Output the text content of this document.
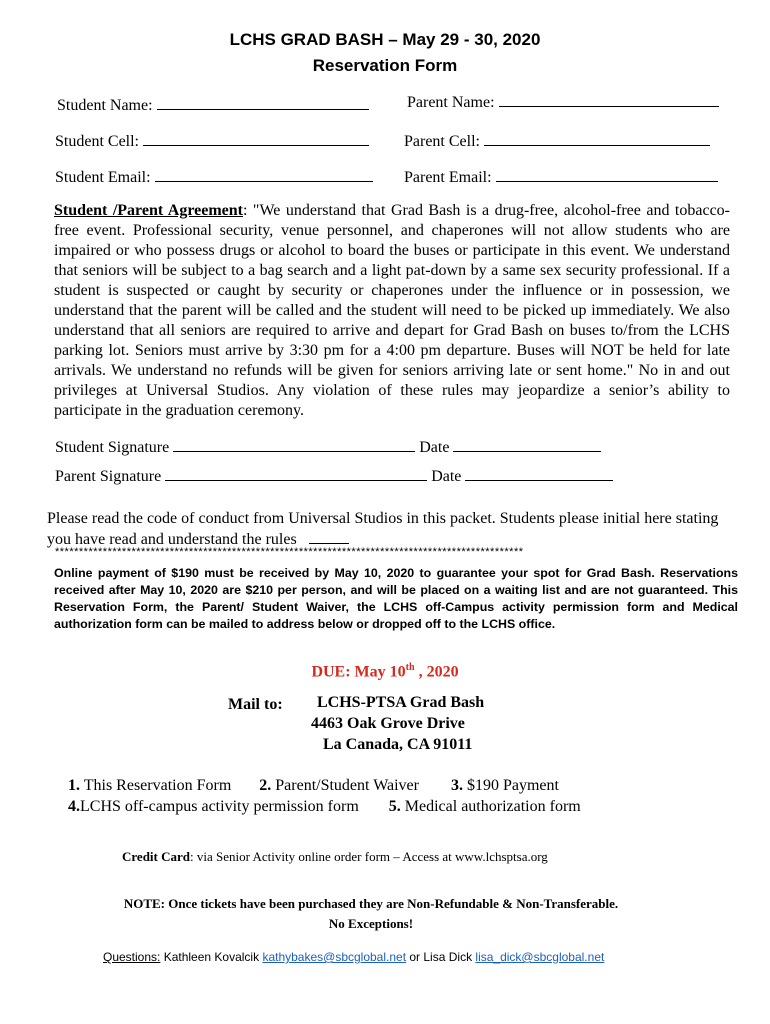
LCHS GRAD BASH – May 29 - 30, 2020
Reservation Form
Student Name:	Parent Name:
Student Cell:	Parent Cell:
Student Email:	Parent Email:
Student /Parent Agreement: "We understand that Grad Bash is a drug-free, alcohol-free and tobacco-free event. Professional security, venue personnel, and chaperones will not allow students who are impaired or who possess drugs or alcohol to board the buses or participate in this event. We understand that seniors will be subject to a bag search and a light pat-down by a same sex security professional. If a student is suspected or caught by security or chaperones under the influence or in possession, we understand that the parent will be called and the student will need to be picked up immediately. We also understand that all seniors are required to arrive and depart for Grad Bash on buses to/from the LCHS parking lot. Seniors must arrive by 3:30 pm for a 4:00 pm departure. Buses will NOT be held for late arrivals. We understand no refunds will be given for seniors arriving late or sent home." No in and out privileges at Universal Studios. Any violation of these rules may jeopardize a senior’s ability to participate in the graduation ceremony.
Student Signature	Date
Parent Signature	Date
Please read the code of conduct from Universal Studios in this packet. Students please initial here stating you have read and understand the rules
**************************************************************************************************
Online payment of $190 must be received by May 10, 2020 to guarantee your spot for Grad Bash. Reservations received after May 10, 2020 are $210 per person, and will be placed on a waiting list and are not guaranteed. This Reservation Form, the Parent/ Student Waiver, the LCHS off-Campus activity permission form and Medical authorization form can be mailed to address below or dropped off to the LCHS office.
DUE: May 10th , 2020
Mail to: LCHS-PTSA Grad Bash
4463 Oak Grove Drive
La Canada, CA 91011
1. This Reservation Form 2. Parent/Student Waiver 3. $190 Payment
4.LCHS off-campus activity permission form 5. Medical authorization form
Credit Card: via Senior Activity online order form – Access at www.lchsptsa.org
NOTE: Once tickets have been purchased they are Non-Refundable & Non-Transferable.
No Exceptions!
Questions: Kathleen Kovalcik kathybakes@sbcglobal.net or Lisa Dick lisa_dick@sbcglobal.net
